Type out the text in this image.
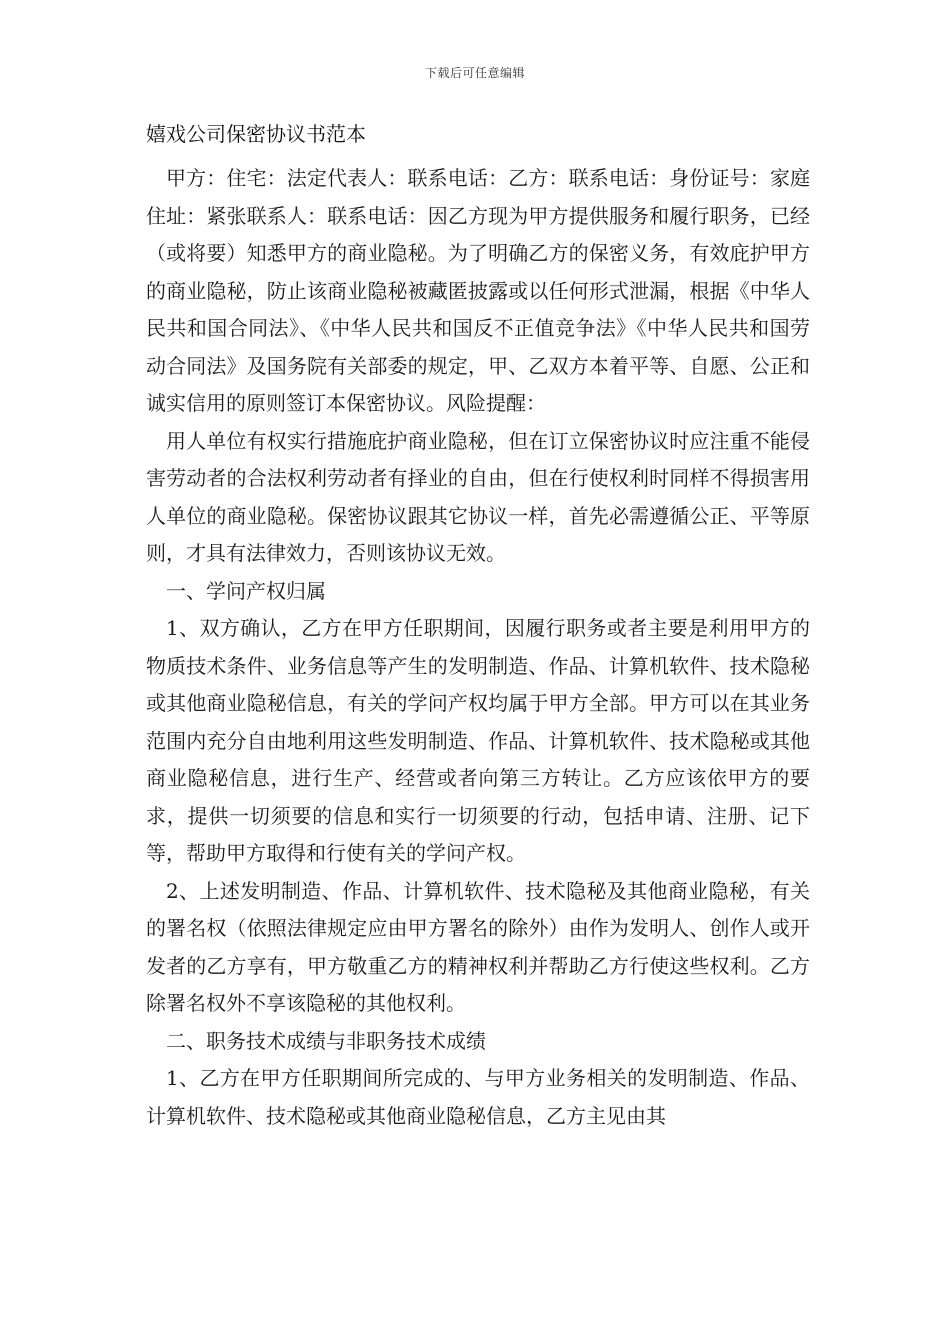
下载后可任意编辑
嬉戏公司保密协议书范本

甲方：住宅：法定代表人：联系电话：乙方：联系电话：身份证号：家庭住址：紧张联系人：联系电话：因乙方现为甲方提供服务和履行职务，已经（或将要）知悉甲方的商业隐秘。为了明确乙方的保密义务，有效庇护甲方的商业隐秘，防止该商业隐秘被藏匿披露或以任何形式泄漏，根据《中华人民共和国合同法》、《中华人民共和国反不正值竞争法》《中华人民共和国劳动合同法》及国务院有关部委的规定，甲、乙双方本着平等、自愿、公正和诚实信用的原则签订本保密协议。风险提醒：

用人单位有权实行措施庇护商业隐秘，但在订立保密协议时应注重不能侵害劳动者的合法权利劳动者有择业的自由，但在行使权利时同样不得损害用人单位的商业隐秘。保密协议跟其它协议一样，首先必需遵循公正、平等原则，才具有法律效力，否则该协议无效。

一、学问产权归属

1、双方确认，乙方在甲方任职期间，因履行职务或者主要是利用甲方的物质技术条件、业务信息等产生的发明制造、作品、计算机软件、技术隐秘或其他商业隐秘信息，有关的学问产权均属于甲方全部。甲方可以在其业务范围内充分自由地利用这些发明制造、作品、计算机软件、技术隐秘或其他商业隐秘信息，进行生产、经营或者向第三方转让。乙方应该依甲方的要求，提供一切须要的信息和实行一切须要的行动，包括申请、注册、记下等，帮助甲方取得和行使有关的学问产权。

2、上述发明制造、作品、计算机软件、技术隐秘及其他商业隐秘，有关的署名权（依照法律规定应由甲方署名的除外）由作为发明人、创作人或开发者的乙方享有，甲方敬重乙方的精神权利并帮助乙方行使这些权利。乙方除署名权外不享该隐秘的其他权利。

二、职务技术成绩与非职务技术成绩

1、乙方在甲方任职期间所完成的、与甲方业务相关的发明制造、作品、计算机软件、技术隐秘或其他商业隐秘信息，乙方主见由其
